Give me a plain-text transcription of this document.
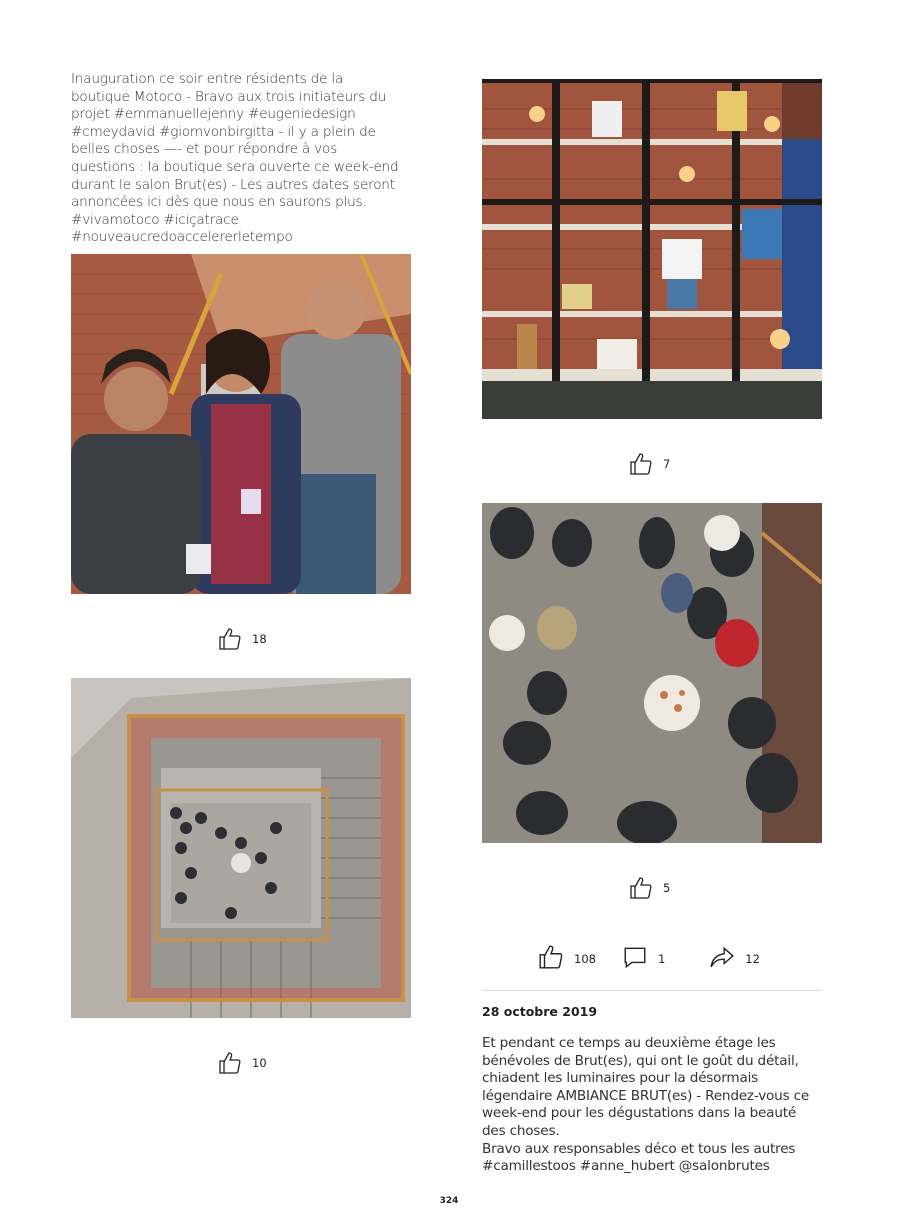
Inauguration ce soir entre résidents de la
boutique Motoco - Bravo aux trois initiateurs du
projet #emmanuellejenny #eugeniedesign
#cmeydavid #giomvonbirgitta - il y a plein de
belles choses —- et pour répondre à vos
questions : la boutique sera ouverte ce week-end
durant le salon Brut(es) - Les autres dates seront
annoncées ici dès que nous en saurons plus.
#vivamotoco #iciçatrace
#nouveaucredoaccelererletempo

18
10
7
5
108	1	12
28 octobre 2019

Et pendant ce temps au deuxième étage les
bénévoles de Brut(es), qui ont le goût du détail,
chiadent les luminaires pour la désormais
légendaire AMBIANCE BRUT(es) - Rendez-vous ce
week-end pour les dégustations dans la beauté
des choses.
Bravo aux responsables déco et tous les autres
#camillestoos #anne_hubert @salonbrutes

324
